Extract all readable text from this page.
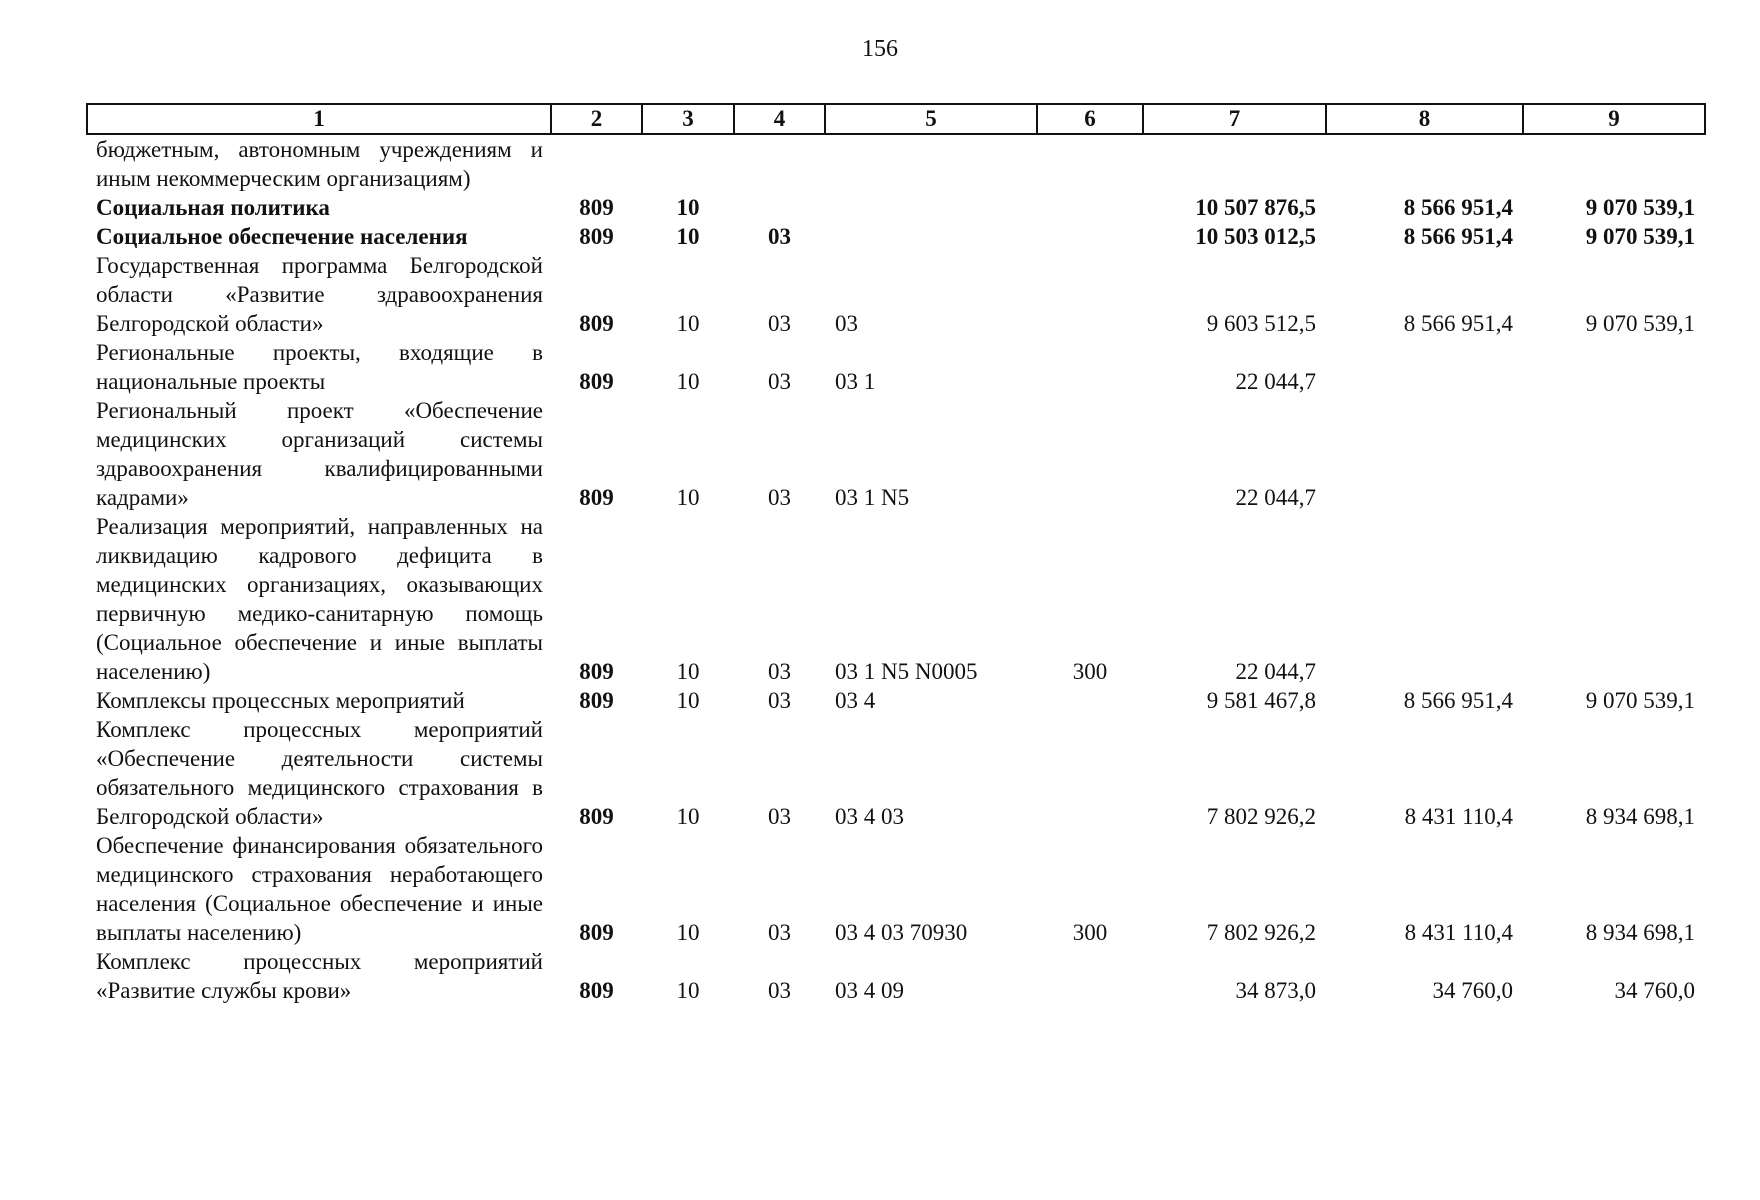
156
1	2	3	4	5	6	7	8	9
бюджетным, автономным учреждениям и иным некоммерческим организациям)								
Социальная политика	809	10				10 507 876,5	8 566 951,4	9 070 539,1
Социальное обеспечение населения	809	10	03			10 503 012,5	8 566 951,4	9 070 539,1
Государственная программа Белгородской области «Развитие здравоохранения Белгородской области»	809	10	03	03		9 603 512,5	8 566 951,4	9 070 539,1
Региональные проекты, входящие в национальные проекты	809	10	03	03 1		22 044,7		
Региональный проект «Обеспечение медицинских организаций системы здравоохранения квалифицированными кадрами»	809	10	03	03 1 N5		22 044,7		
Реализация мероприятий, направленных на ликвидацию кадрового дефицита в медицинских организациях, оказывающих первичную медико-санитарную помощь (Социальное обеспечение и иные выплаты населению)	809	10	03	03 1 N5 N0005	300	22 044,7		
Комплексы процессных мероприятий	809	10	03	03 4		9 581 467,8	8 566 951,4	9 070 539,1
Комплекс процессных мероприятий «Обеспечение деятельности системы обязательного медицинского страхования в Белгородской области»	809	10	03	03 4 03		7 802 926,2	8 431 110,4	8 934 698,1
Обеспечение финансирования обязательного медицинского страхования неработающего населения (Социальное обеспечение и иные выплаты населению)	809	10	03	03 4 03 70930	300	7 802 926,2	8 431 110,4	8 934 698,1
Комплекс процессных мероприятий «Развитие службы крови»	809	10	03	03 4 09		34 873,0	34 760,0	34 760,0
